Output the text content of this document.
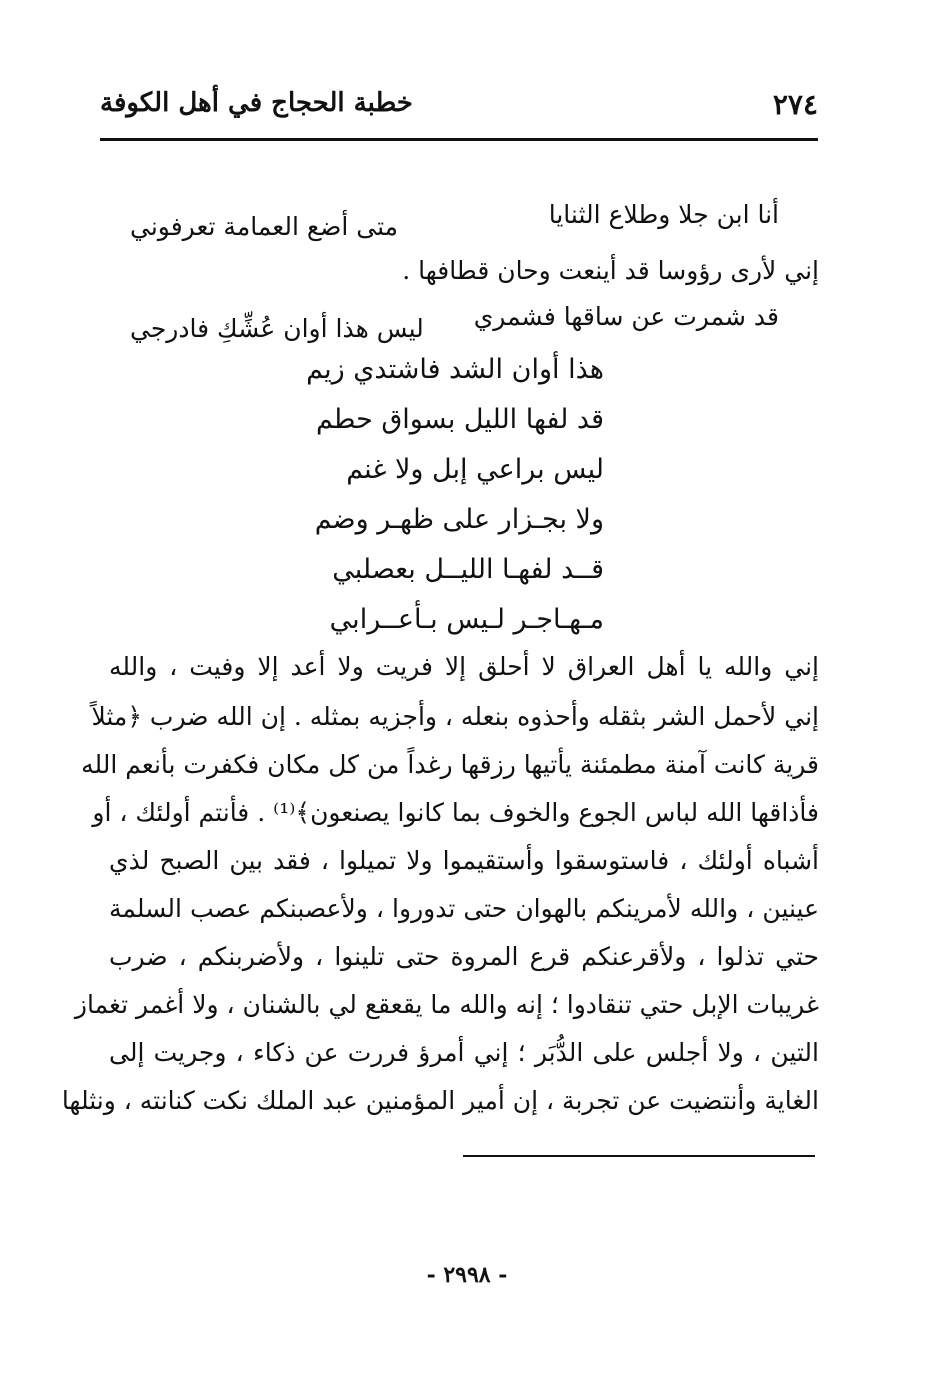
٢٧٤
خطبة الحجاج في أهل الكوفة
أنا ابن جلا وطلاع الثنايا
متى أضع العمامة تعرفوني
إني لأرى رؤوسا قد أينعت وحان قطافها .
قد شمرت عن ساقها فشمري
ليس هذا أوان عُشِّكِ فادرجي
هذا أوان الشد فاشتدي زيم
قد لفها الليل بسواق حطم
ليس براعي إبل ولا غنم
ولا بجـزار على ظهـر وضم
قــد لفهـا الليــل بعصلبي
مـهـاجـر لـيس بـأعــرابي
إني والله يا أهل العراق لا أحلق إلا فريت ولا أعد إلا وفيت ، والله
إني لأحمل الشر بثقله وأحذوه بنعله ، وأجزيه بمثله . إن الله ضرب ﴿مثلاً
قرية كانت آمنة مطمئنة يأتيها رزقها رغداً من كل مكان فكفرت بأنعم الله
فأذاقها الله لباس الجوع والخوف بما كانوا يصنعون﴾⁽¹⁾ . فأنتم أولئك ، أو
أشباه أولئك ، فاستوسقوا وأستقيموا ولا تميلوا ، فقد بين الصبح لذي
عينين ، والله لأمرينكم بالهوان حتى تدوروا ، ولأعصبنكم عصب السلمة
حتي تذلوا ، ولأقرعنكم قرع المروة حتى تلينوا ، ولأضربنكم ، ضرب
غريبات الإبل حتي تنقادوا ؛ إنه والله ما يقعقع لي بالشنان ، ولا أغمر تغماز
التين ، ولا أجلس على الدُّبَر ؛ إني أمرؤ فررت عن ذكاء ، وجريت إلى
الغاية وأنتضيت عن تجربة ، إن أمير المؤمنين عبد الملك نكت كنانته ، ونثلها
- ٢٩٩٨ -
